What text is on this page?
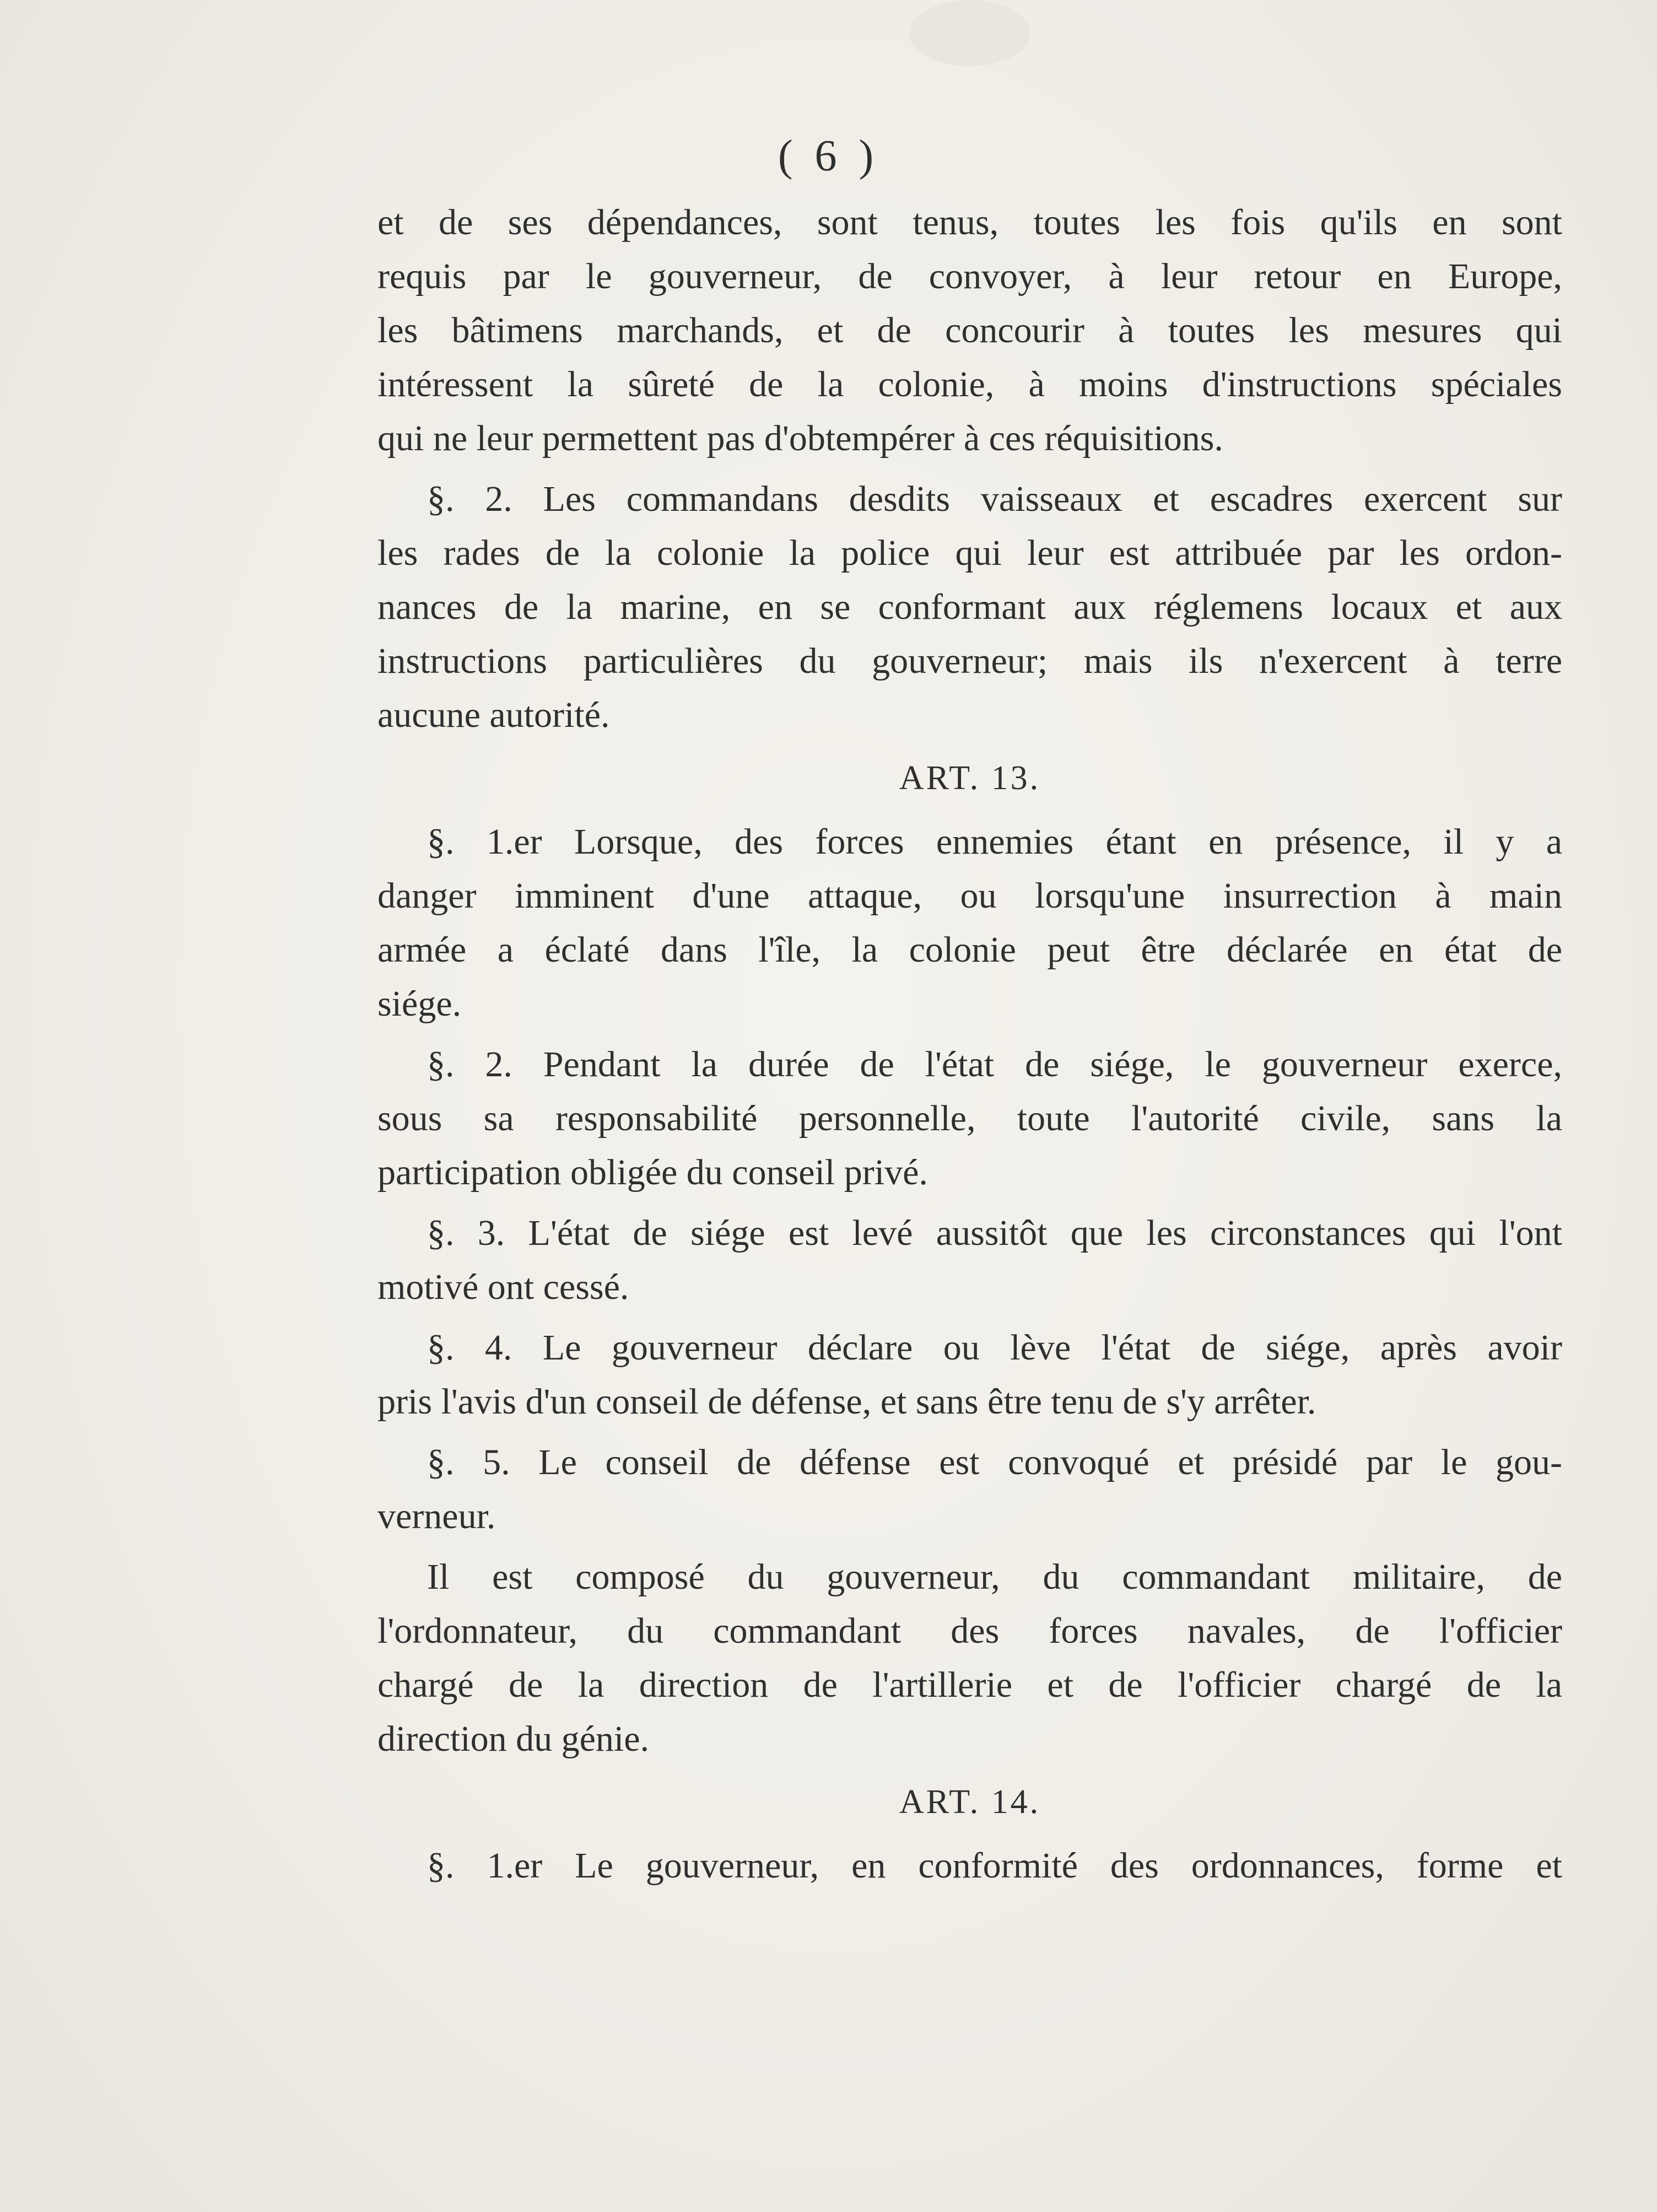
( 6 )
et de ses dépendances, sont tenus, toutes les fois qu'ils en sont
requis par le gouverneur, de convoyer, à leur retour en Europe,
les bâtimens marchands, et de concourir à toutes les mesures qui
intéressent la sûreté de la colonie, à moins d'instructions spéciales
qui ne leur permettent pas d'obtempérer à ces réquisitions.
§. 2. Les commandans desdits vaisseaux et escadres exercent sur
les rades de la colonie la police qui leur est attribuée par les ordon-
nances de la marine, en se conformant aux réglemens locaux et aux
instructions particulières du gouverneur; mais ils n'exercent à terre
aucune autorité.
ART. 13.
§. 1.er Lorsque, des forces ennemies étant en présence, il y a
danger imminent d'une attaque, ou lorsqu'une insurrection à main
armée a éclaté dans l'île, la colonie peut être déclarée en état de
siége.
§. 2. Pendant la durée de l'état de siége, le gouverneur exerce,
sous sa responsabilité personnelle, toute l'autorité civile, sans la
participation obligée du conseil privé.
§. 3. L'état de siége est levé aussitôt que les circonstances qui l'ont
motivé ont cessé.
§. 4. Le gouverneur déclare ou lève l'état de siége, après avoir
pris l'avis d'un conseil de défense, et sans être tenu de s'y arrêter.
§. 5. Le conseil de défense est convoqué et présidé par le gou-
verneur.
Il est composé du gouverneur, du commandant militaire, de
l'ordonnateur, du commandant des forces navales, de l'officier
chargé de la direction de l'artillerie et de l'officier chargé de la
direction du génie.
ART. 14.
§. 1.er Le gouverneur, en conformité des ordonnances, forme et
